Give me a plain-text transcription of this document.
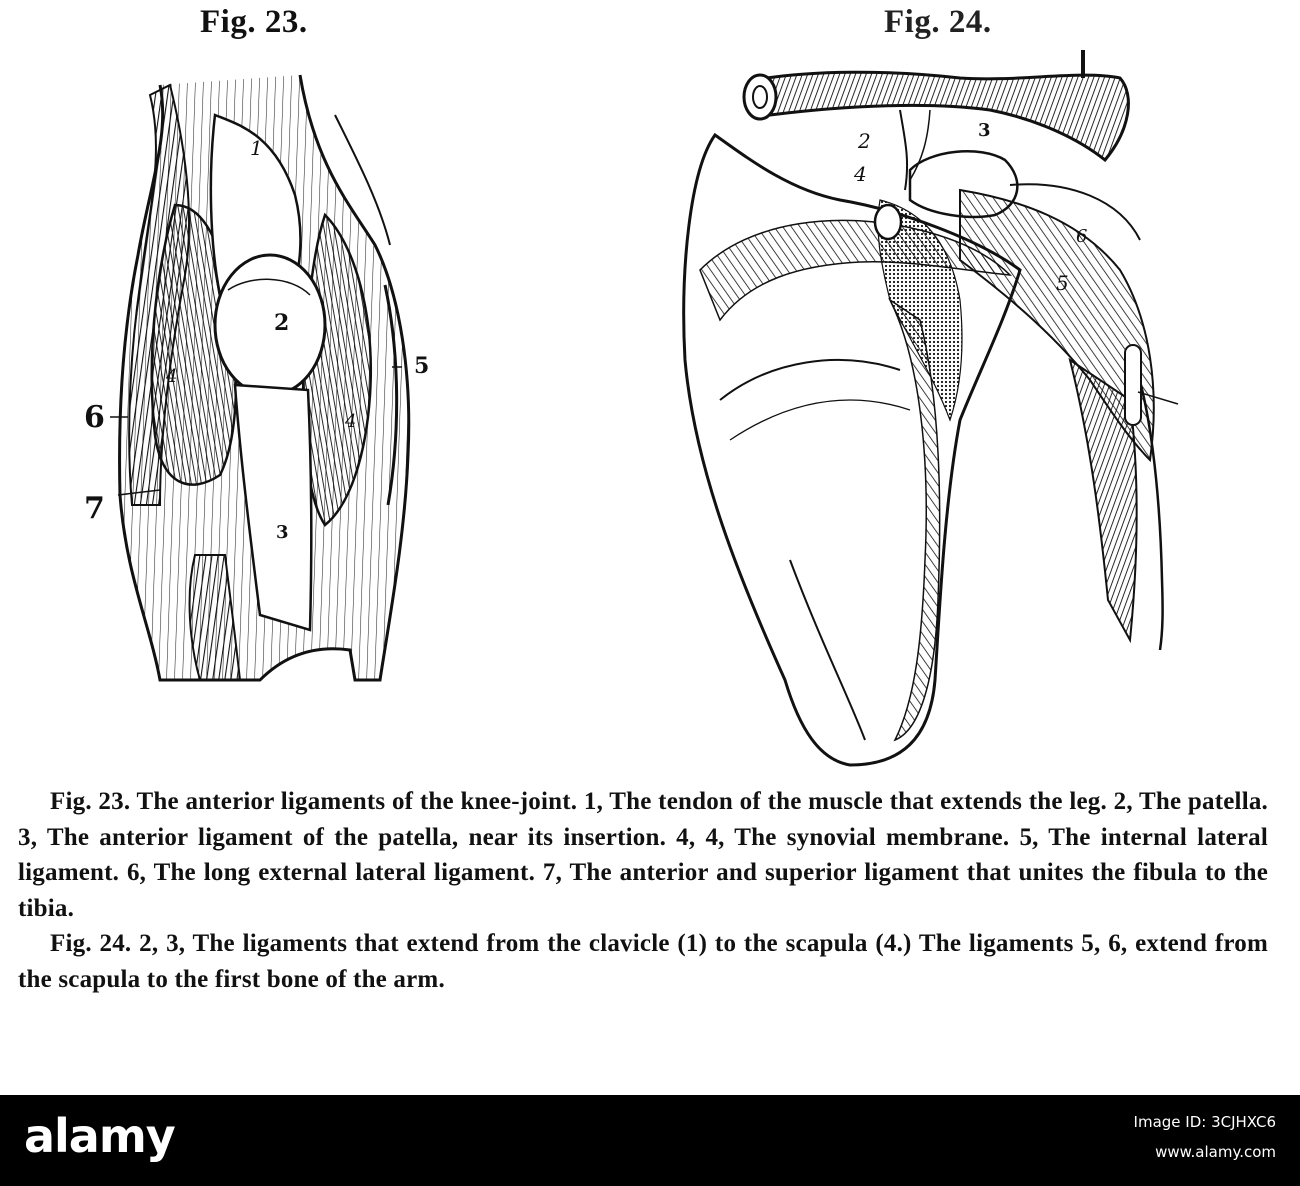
Fig. 23.	Fig. 24.
1
2
3
4
4
5
6
7
2	3
4
5
6

Fig. 23. The anterior ligaments of the knee-joint. 1, The tendon of the muscle that extends the leg. 2, The patella. 3, The anterior ligament of the patella, near its insertion. 4, 4, The synovial membrane. 5, The internal lateral ligament. 6, The long external lateral ligament. 7, The anterior and superior ligament that unites the fibula to the tibia.

Fig. 24. 2, 3, The ligaments that extend from the clavicle (1) to the scapula (4.) The ligaments 5, 6, extend from the scapula to the first bone of the arm.

alamy	Image ID: 3CJHXC6
www.alamy.com
